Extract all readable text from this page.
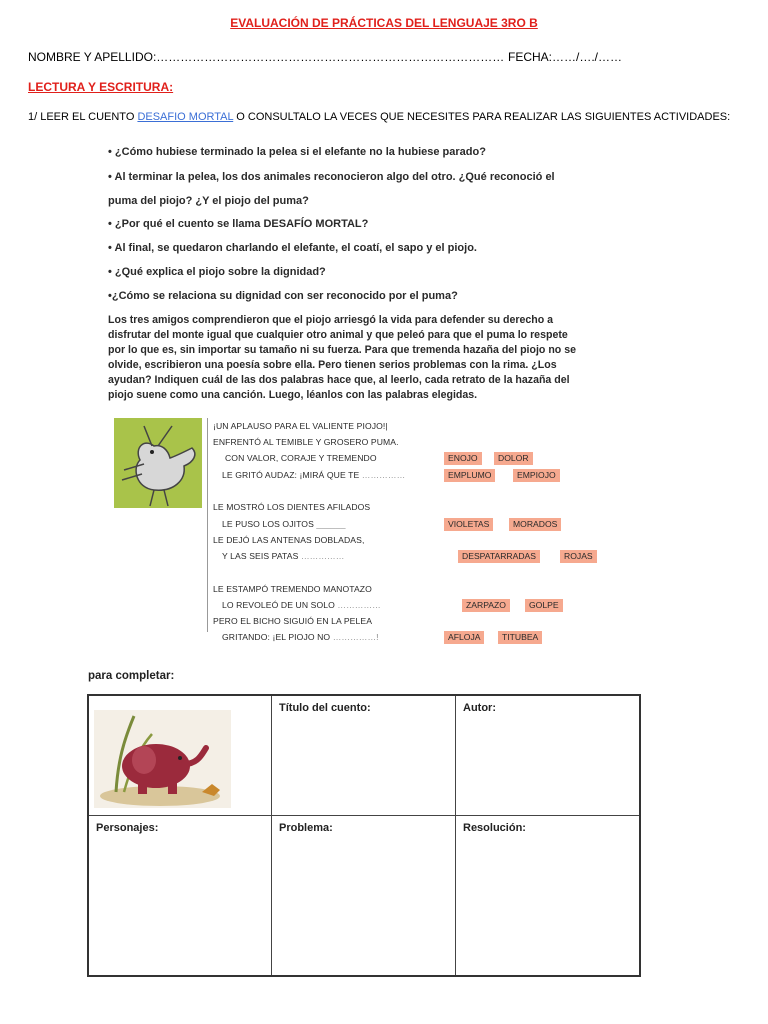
EVALUACIÓN DE PRÁCTICAS DEL LENGUAJE 3RO B
NOMBRE Y APELLIDO:…………………………………………………………………………… FECHA:……/…./……
LECTURA Y ESCRITURA:
1/ LEER EL CUENTO DESAFIO MORTAL O CONSULTALO LA VECES QUE NECESITES PARA REALIZAR LAS SIGUIENTES ACTIVIDADES:
• ¿Cómo hubiese terminado la pelea si el elefante no la hubiese parado?
• Al terminar la pelea, los dos animales reconocieron algo del otro. ¿Qué reconoció el
puma del piojo? ¿Y el piojo del puma?
• ¿Por qué el cuento se llama DESAFÍO MORTAL?
• Al final, se quedaron charlando el elefante, el coatí, el sapo y el piojo.
• ¿Qué explica el piojo sobre la dignidad?
•¿Cómo se relaciona su dignidad con ser reconocido por el puma?
Los tres amigos comprendieron que el piojo arriesgó la vida para defender su derecho a
disfrutar del monte igual que cualquier otro animal y que peleó para que el puma lo respete
por lo que es, sin importar su tamaño ni su fuerza. Para que tremenda hazaña del piojo no se
olvide, escribieron una poesía sobre ella. Pero tienen serios problemas con la rima. ¿Los
ayudan? Indiquen cuál de las dos palabras hace que, al leerlo, cada retrato de la hazaña del
piojo suene como una canción. Luego, léanlos con las palabras elegidas.
¡UN APLAUSO PARA EL VALIENTE PIOJO!|
ENFRENTÓ AL TEMIBLE Y GROSERO PUMA.
CON VALOR, CORAJE Y TREMENDO
LE GRITÓ AUDAZ: ¡MIRÁ QUE TE ……………
LE MOSTRÓ LOS DIENTES AFILADOS
LE PUSO LOS OJITOS ______
LE DEJÓ LAS ANTENAS DOBLADAS,
Y LAS SEIS PATAS ……………
LE ESTAMPÓ TREMENDO MANOTAZO
LO REVOLEÓ DE UN SOLO ……………
PERO EL BICHO SIGUIÓ EN LA PELEA
GRITANDO: ¡EL PIOJO NO ……………!
ENOJO	DOLOR
EMPLUMO	EMPIOJO
VIOLETAS	MORADOS
DESPATARRADAS	ROJAS
ZARPAZO	GOLPE
AFLOJA	TITUBEA
para completar:
Título del cuento:	Autor:
Personajes:	Problema:	Resolución:
